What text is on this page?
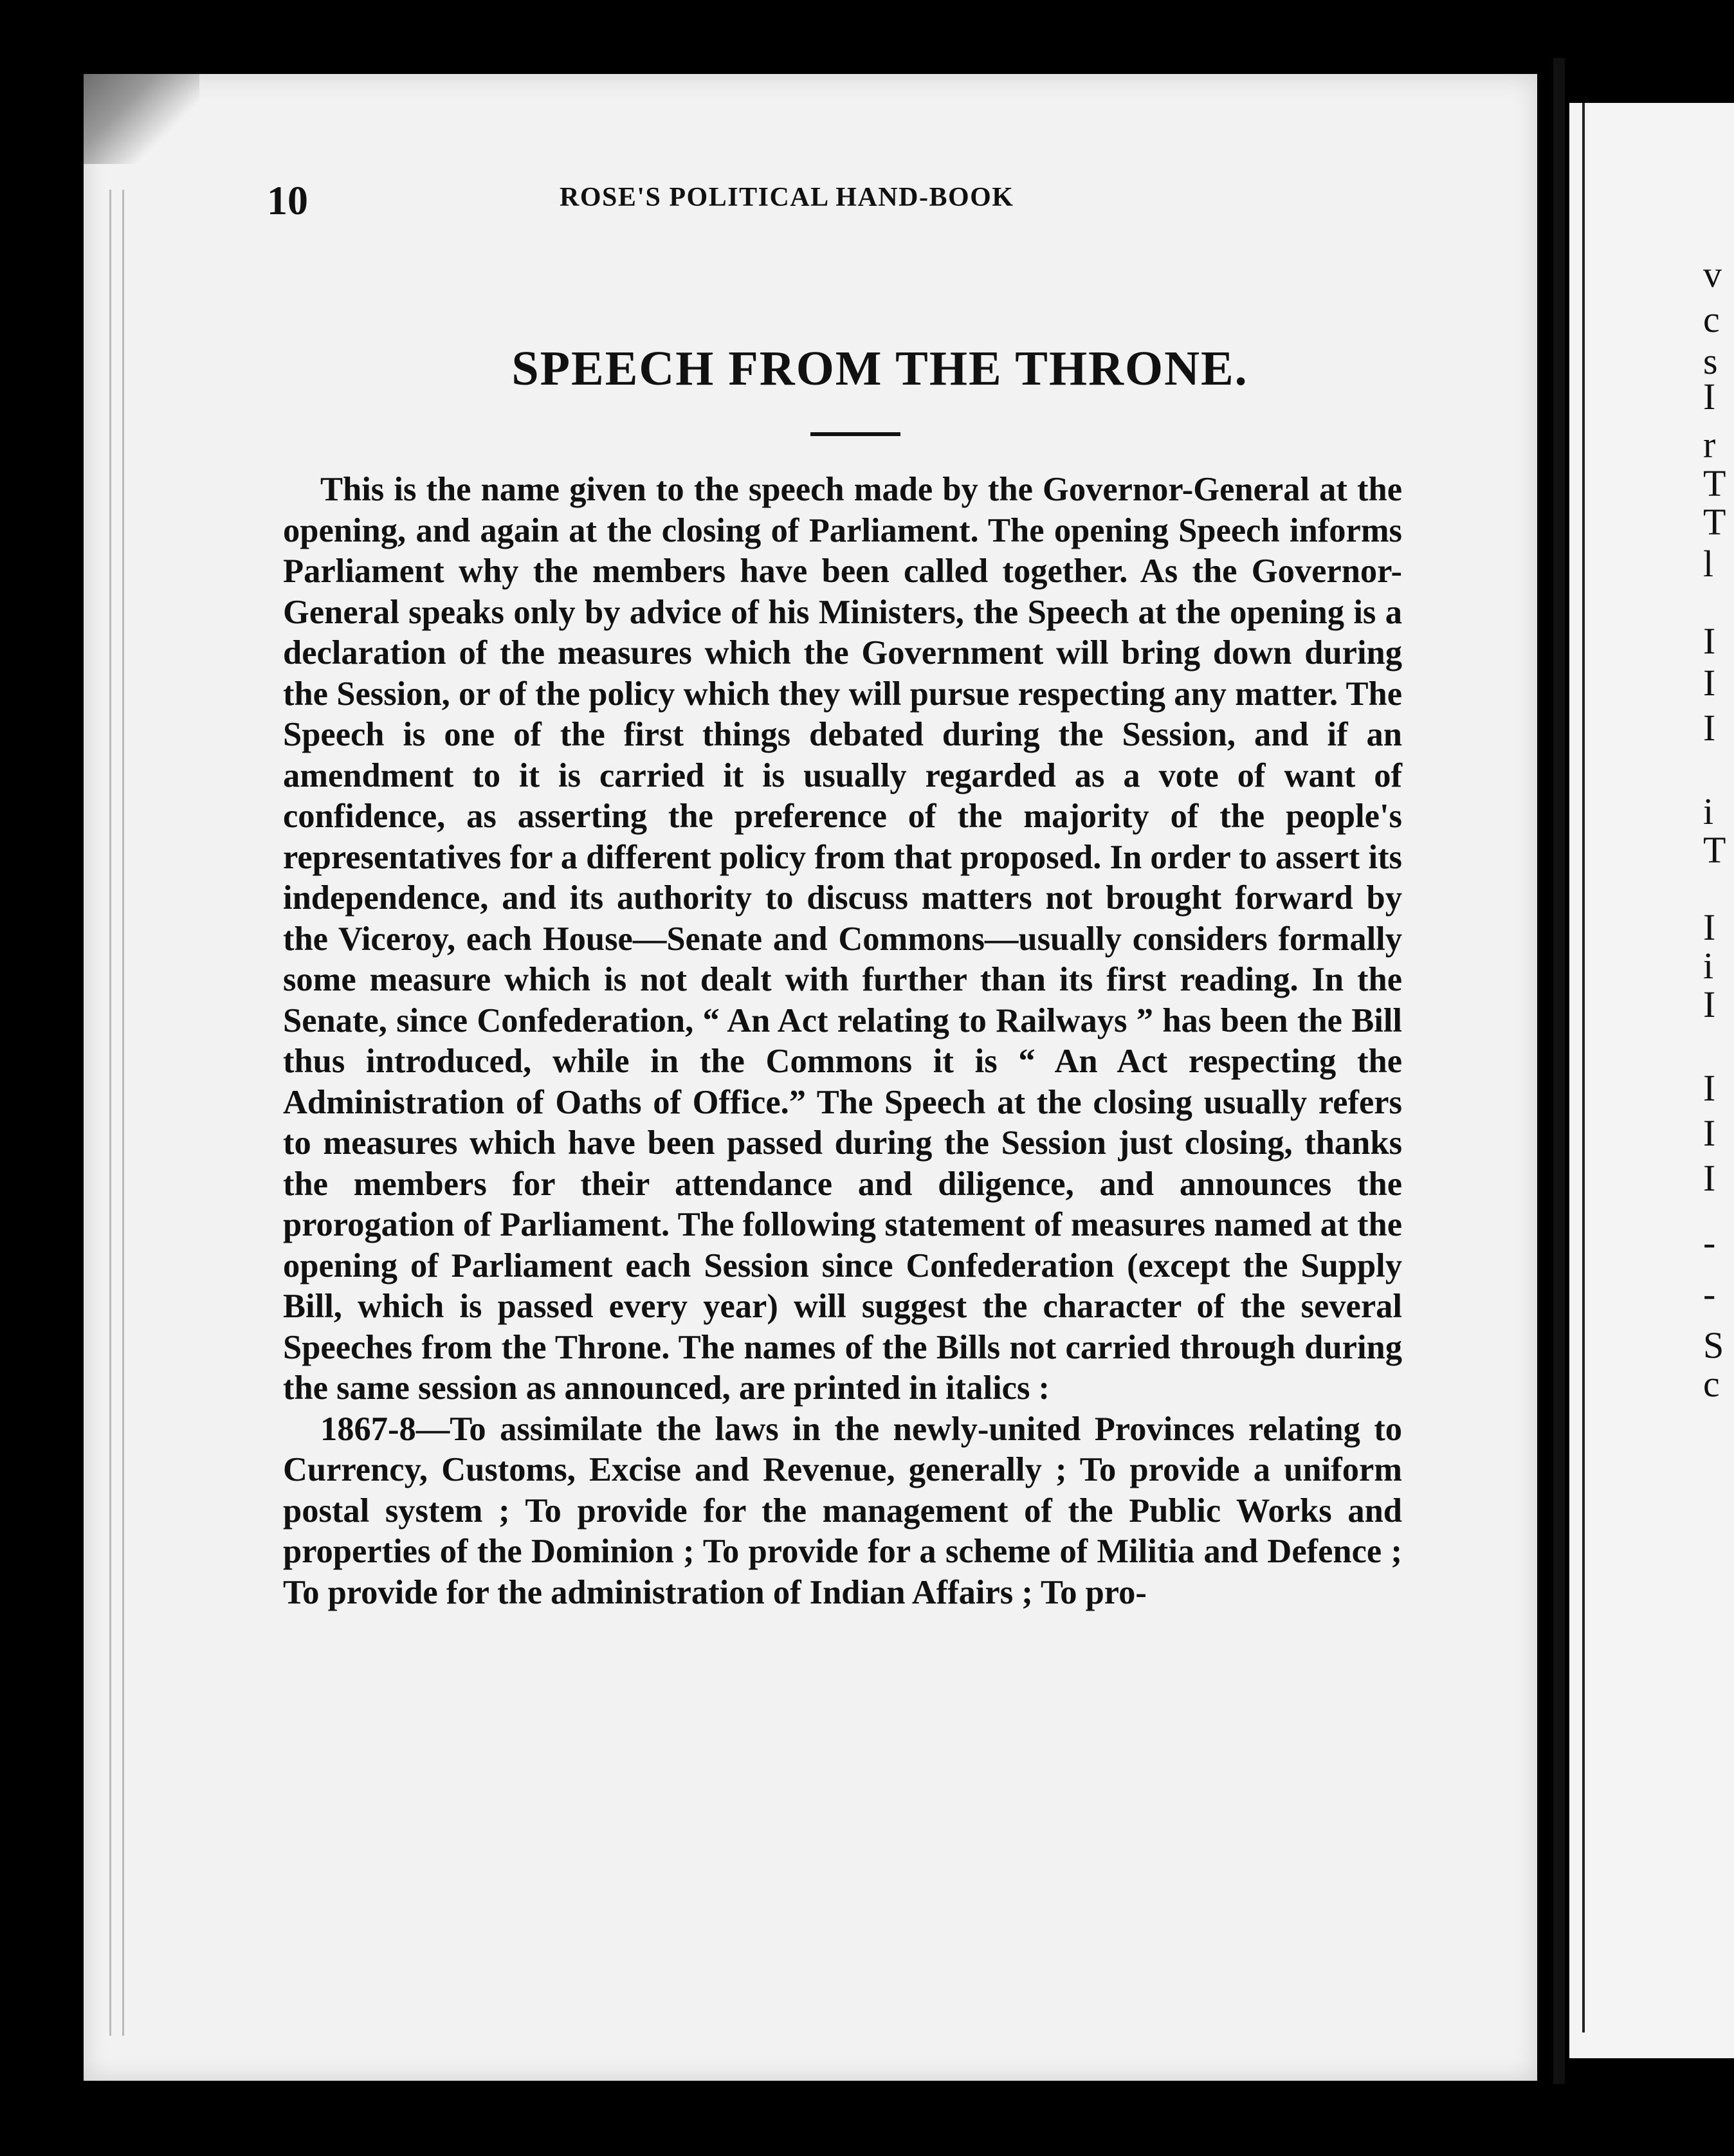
v
c
s
I
r
T
T
l
I
I
I
i
T
I
i
I
I
I
I
-
-
S
c
10	ROSE'S POLITICAL HAND-BOOK
SPEECH FROM THE THRONE.

This is the name given to the speech made by the Governor-General at the opening, and again at the closing of Parliament. The opening Speech informs Parliament why the members have been called together. As the Governor-General speaks only by advice of his Ministers, the Speech at the opening is a declaration of the measures which the Government will bring down during the Session, or of the policy which they will pursue respecting any matter. The Speech is one of the first things debated during the Session, and if an amendment to it is carried it is usually regarded as a vote of want of confidence, as asserting the preference of the majority of the people's representatives for a different policy from that proposed. In order to assert its independence, and its authority to discuss matters not brought forward by the Viceroy, each House—Senate and Commons—usually considers formally some measure which is not dealt with further than its first reading. In the Senate, since Confederation, “ An Act relating to Railways ” has been the Bill thus introduced, while in the Commons it is “ An Act respecting the Administration of Oaths of Office.” The Speech at the closing usually refers to measures which have been passed during the Session just closing, thanks the members for their attendance and diligence, and announces the prorogation of Parliament. The following statement of measures named at the opening of Parliament each Session since Confederation (except the Supply Bill, which is passed every year) will suggest the character of the several Speeches from the Throne. The names of the Bills not carried through during the same session as announced, are printed in italics :

1867-8—To assimilate the laws in the newly-united Provinces relating to Currency, Customs, Excise and Revenue, generally ; To provide a uniform postal system ; To provide for the management of the Public Works and properties of the Dominion ; To provide for a scheme of Militia and Defence ; To provide for the administration of Indian Affairs ; To pro-
